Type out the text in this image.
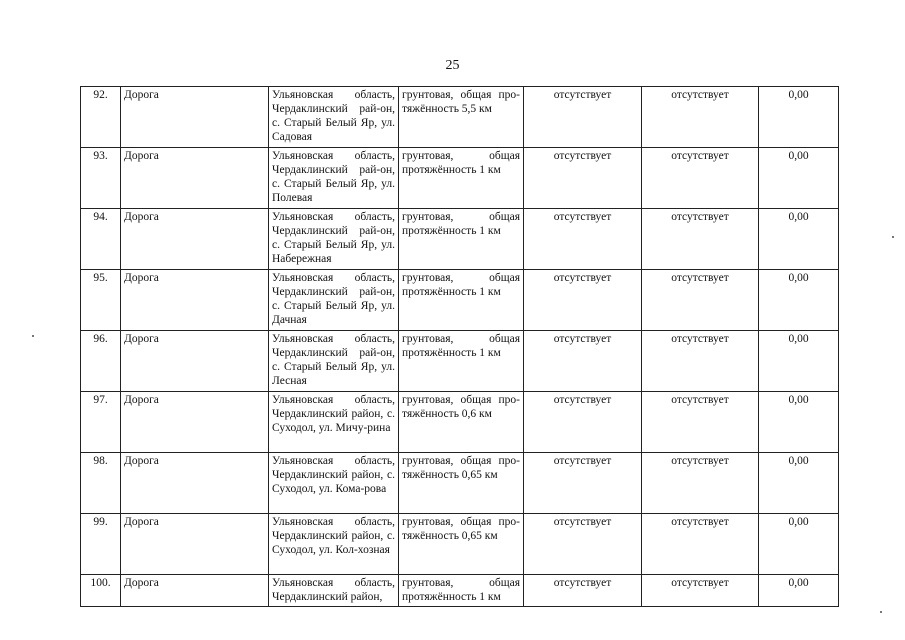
25
92.	Дорога	Ульяновская область, Чердаклинский рай-он, с. Старый Белый Яр, ул. Садовая	грунтовая, общая про-тяжённость 5,5 км	отсутствует	отсутствует	0,00
93.	Дорога	Ульяновская область, Чердаклинский рай-он, с. Старый Белый Яр, ул. Полевая	грунтовая, общая протяжённость 1 км	отсутствует	отсутствует	0,00
94.	Дорога	Ульяновская область, Чердаклинский рай-он, с. Старый Белый Яр, ул. Набережная	грунтовая, общая протяжённость 1 км	отсутствует	отсутствует	0,00
95.	Дорога	Ульяновская область, Чердаклинский рай-он, с. Старый Белый Яр, ул. Дачная	грунтовая, общая протяжённость 1 км	отсутствует	отсутствует	0,00
96.	Дорога	Ульяновская область, Чердаклинский рай-он, с. Старый Белый Яр, ул. Лесная	грунтовая, общая протяжённость 1 км	отсутствует	отсутствует	0,00
97.	Дорога	Ульяновская область, Чердаклинский район, с. Суходол, ул. Мичу-рина	грунтовая, общая про-тяжённость 0,6 км	отсутствует	отсутствует	0,00
98.	Дорога	Ульяновская область, Чердаклинский район, с. Суходол, ул. Кома-рова	грунтовая, общая про-тяжённость 0,65 км	отсутствует	отсутствует	0,00
99.	Дорога	Ульяновская область, Чердаклинский район, с. Суходол, ул. Кол-хозная	грунтовая, общая про-тяжённость 0,65 км	отсутствует	отсутствует	0,00
100.	Дорога	Ульяновская область, Чердаклинский район,	грунтовая, общая протяжённость 1 км	отсутствует	отсутствует	0,00
